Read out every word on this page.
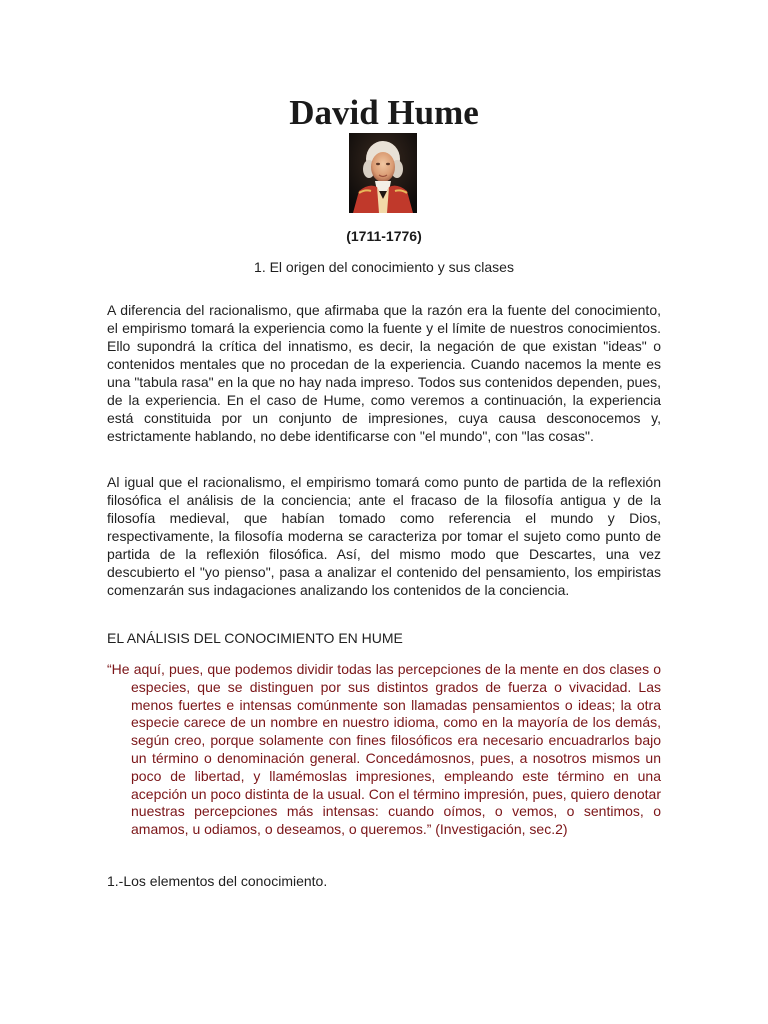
David Hume
(1711-1776)
1. El origen del conocimiento y sus clases

A diferencia del racionalismo, que afirmaba que la razón era la fuente del conocimiento, el empirismo tomará la experiencia como la fuente y el límite de nuestros conocimientos. Ello supondrá la crítica del innatismo, es decir, la negación de que existan "ideas" o contenidos mentales que no procedan de la experiencia. Cuando nacemos la mente es una "tabula rasa" en la que no hay nada impreso. Todos sus contenidos dependen, pues, de la experiencia. En el caso de Hume, como veremos a continuación, la experiencia está constituida por un conjunto de impresiones, cuya causa desconocemos y, estrictamente hablando, no debe identificarse con "el mundo", con "las cosas".

Al igual que el racionalismo, el empirismo tomará como punto de partida de la reflexión filosófica el análisis de la conciencia; ante el fracaso de la filosofía antigua y de la filosofía medieval, que habían tomado como referencia el mundo y Dios, respectivamente, la filosofía moderna se caracteriza por tomar el sujeto como punto de partida de la reflexión filosófica. Así, del mismo modo que Descartes, una vez descubierto el "yo pienso", pasa a analizar el contenido del pensamiento, los empiristas comenzarán sus indagaciones analizando los contenidos de la conciencia.

EL ANÁLISIS DEL CONOCIMIENTO EN HUME

“He aquí, pues, que podemos dividir todas las percepciones de la mente en dos clases o especies, que se distinguen por sus distintos grados de fuerza o vivacidad. Las menos fuertes e intensas comúnmente son llamadas pensamientos o ideas; la otra especie carece de un nombre en nuestro idioma, como en la mayoría de los demás, según creo, porque solamente con fines filosóficos era necesario encuadrarlos bajo un término o denominación general. Concedámosnos, pues, a nosotros mismos un poco de libertad, y llamémoslas impresiones, empleando este término en una acepción un poco distinta de la usual. Con el término impresión, pues, quiero denotar nuestras percepciones más intensas: cuando oímos, o vemos, o sentimos, o amamos, u odiamos, o deseamos, o queremos.” (Investigación, sec.2)

1.-Los elementos del conocimiento.
